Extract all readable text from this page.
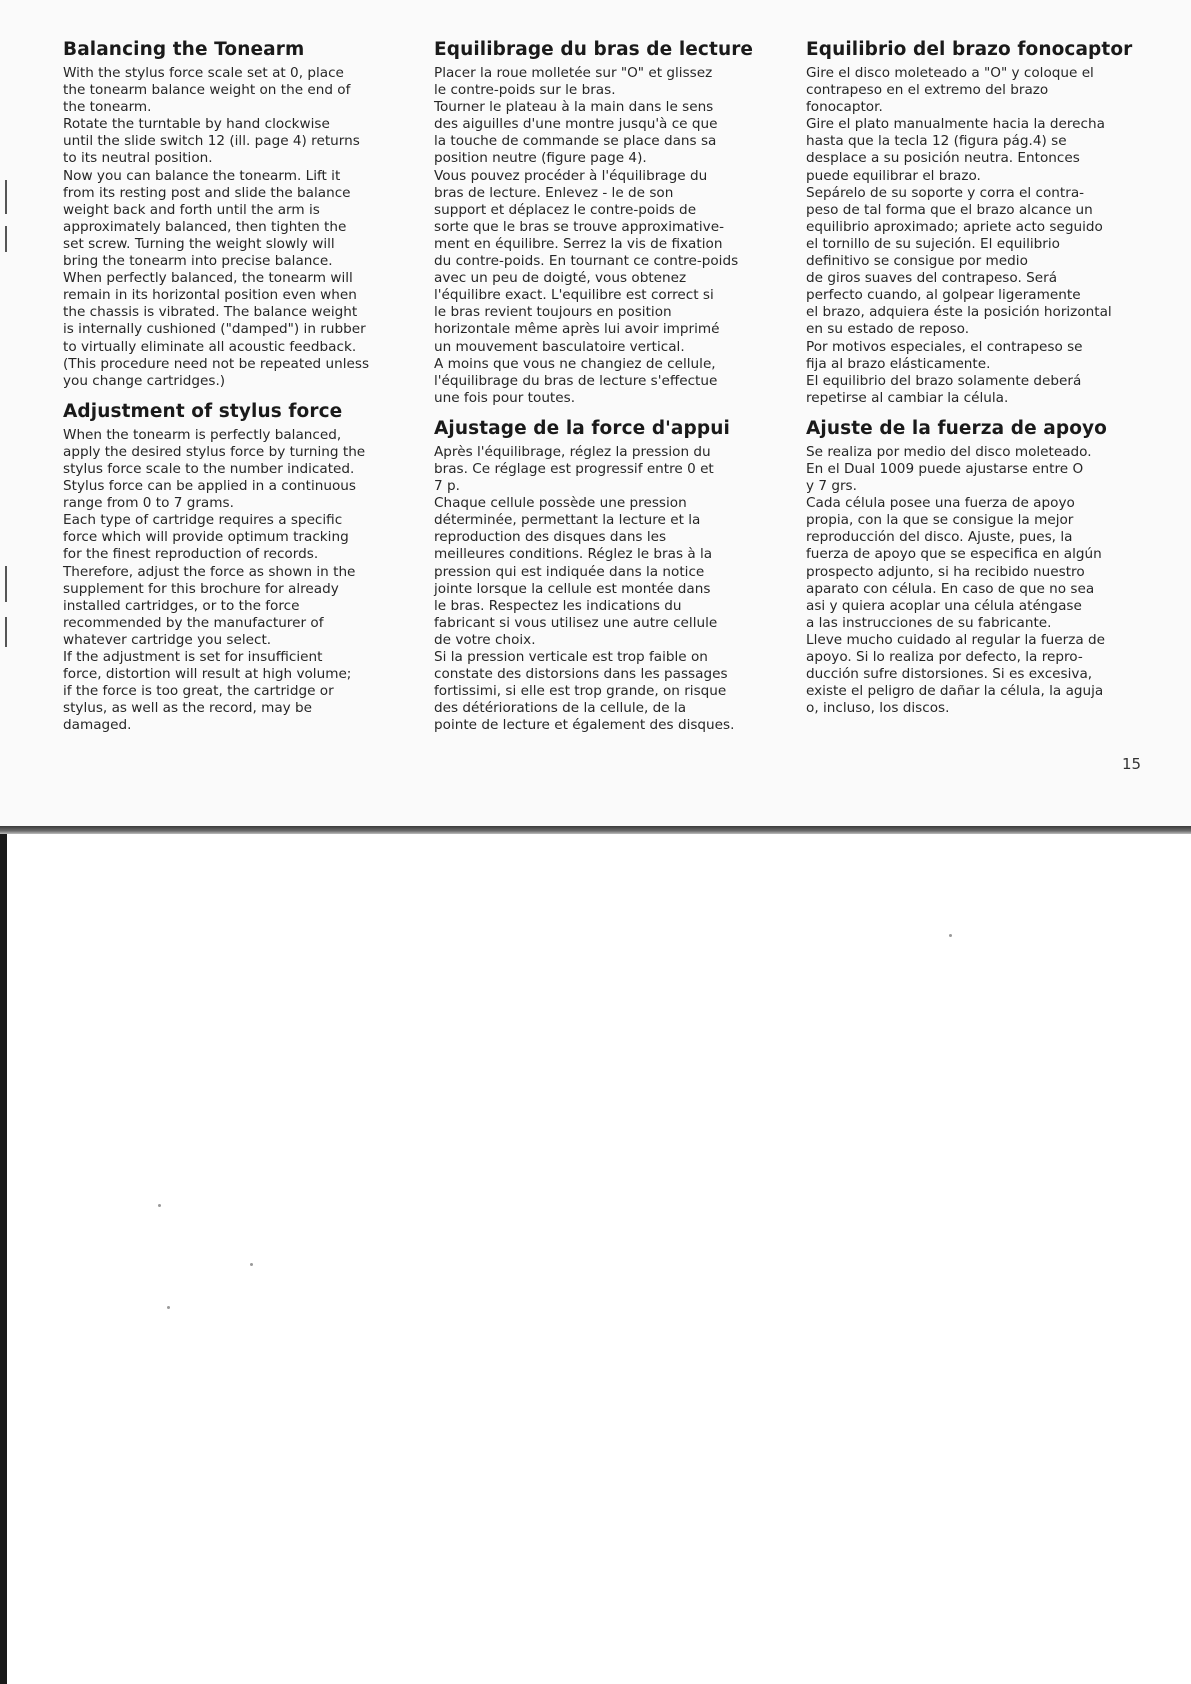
Balancing the Tonearm

With the stylus force scale set at 0, place
the tonearm balance weight on the end of
the tonearm.
Rotate the turntable by hand clockwise
until the slide switch 12 (ill. page 4) returns
to its neutral position.
Now you can balance the tonearm. Lift it
from its resting post and slide the balance
weight back and forth until the arm is
approximately balanced, then tighten the
set screw. Turning the weight slowly will
bring the tonearm into precise balance.
When perfectly balanced, the tonearm will
remain in its horizontal position even when
the chassis is vibrated. The balance weight
is internally cushioned ("damped") in rubber
to virtually eliminate all acoustic feedback.
(This procedure need not be repeated unless
you change cartridges.)

Adjustment of stylus force

When the tonearm is perfectly balanced,
apply the desired stylus force by turning the
stylus force scale to the number indicated.
Stylus force can be applied in a continuous
range from 0 to 7 grams.
Each type of cartridge requires a specific
force which will provide optimum tracking
for the finest reproduction of records.
Therefore, adjust the force as shown in the
supplement for this brochure for already
installed cartridges, or to the force
recommended by the manufacturer of
whatever cartridge you select.
If the adjustment is set for insufficient
force, distortion will result at high volume;
if the force is too great, the cartridge or
stylus, as well as the record, may be
damaged.

Equilibrage du bras de lecture

Placer la roue molletée sur "O" et glissez
le contre-poids sur le bras.
Tourner le plateau à la main dans le sens
des aiguilles d'une montre jusqu'à ce que
la touche de commande se place dans sa
position neutre (figure page 4).
Vous pouvez procéder à l'équilibrage du
bras de lecture. Enlevez - le de son
support et déplacez le contre-poids de
sorte que le bras se trouve approximative-
ment en équilibre. Serrez la vis de fixation
du contre-poids. En tournant ce contre-poids
avec un peu de doigté, vous obtenez
l'équilibre exact. L'equilibre est correct si
le bras revient toujours en position
horizontale même après lui avoir imprimé
un mouvement basculatoire vertical.
A moins que vous ne changiez de cellule,
l'équilibrage du bras de lecture s'effectue
une fois pour toutes.

Ajustage de la force d'appui

Après l'équilibrage, réglez la pression du
bras. Ce réglage est progressif entre 0 et
7 p.
Chaque cellule possède une pression
déterminée, permettant la lecture et la
reproduction des disques dans les
meilleures conditions. Réglez le bras à la
pression qui est indiquée dans la notice
jointe lorsque la cellule est montée dans
le bras. Respectez les indications du
fabricant si vous utilisez une autre cellule
de votre choix.
Si la pression verticale est trop faible on
constate des distorsions dans les passages
fortissimi, si elle est trop grande, on risque
des détériorations de la cellule, de la
pointe de lecture et également des disques.

Equilibrio del brazo fonocaptor

Gire el disco moleteado a "O" y coloque el
contrapeso en el extremo del brazo
fonocaptor.
Gire el plato manualmente hacia la derecha
hasta que la tecla 12 (figura pág.4) se
desplace a su posición neutra. Entonces
puede equilibrar el brazo.
Sepárelo de su soporte y corra el contra-
peso de tal forma que el brazo alcance un
equilibrio aproximado; apriete acto seguido
el tornillo de su sujeción. El equilibrio
definitivo se consigue por medio
de giros suaves del contrapeso. Será
perfecto cuando, al golpear ligeramente
el brazo, adquiera éste la posición horizontal
en su estado de reposo.
Por motivos especiales, el contrapeso se
fija al brazo elásticamente.
El equilibrio del brazo solamente deberá
repetirse al cambiar la célula.

Ajuste de la fuerza de apoyo

Se realiza por medio del disco moleteado.
En el Dual 1009 puede ajustarse entre O
y 7 grs.
Cada célula posee una fuerza de apoyo
propia, con la que se consigue la mejor
reproducción del disco. Ajuste, pues, la
fuerza de apoyo que se especifica en algún
prospecto adjunto, si ha recibido nuestro
aparato con célula. En caso de que no sea
asi y quiera acoplar una célula aténgase
a las instrucciones de su fabricante.
Lleve mucho cuidado al regular la fuerza de
apoyo. Si lo realiza por defecto, la repro-
ducción sufre distorsiones. Si es excesiva,
existe el peligro de dañar la célula, la aguja
o, incluso, los discos.

15
